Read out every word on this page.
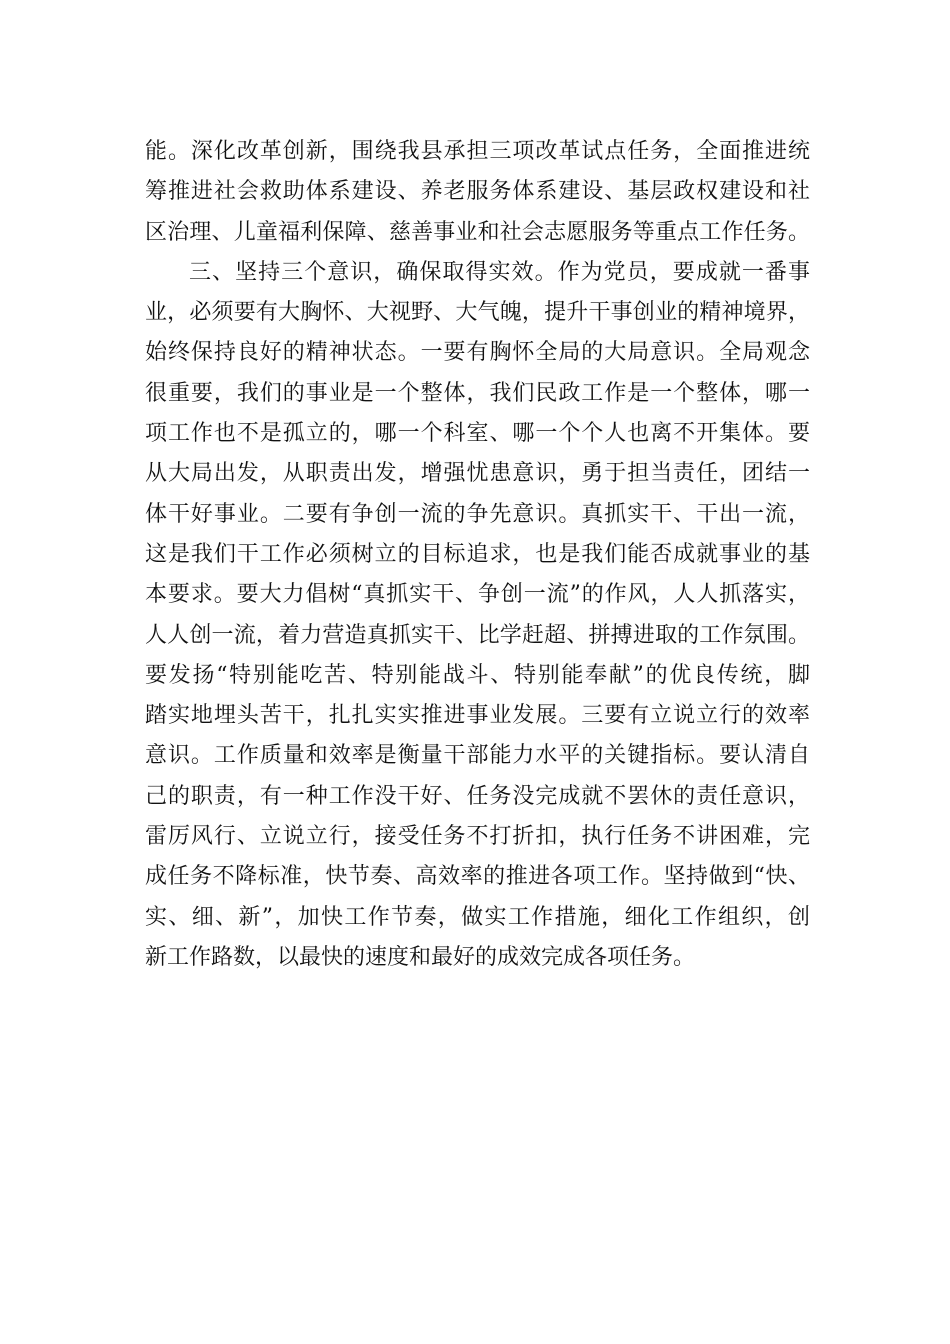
能。深化改革创新，围绕我县承担三项改革试点任务，全面推进统
筹推进社会救助体系建设、养老服务体系建设、基层政权建设和社
区治理、儿童福利保障、慈善事业和社会志愿服务等重点工作任务。
三、坚持三个意识，确保取得实效。作为党员，要成就一番事
业，必须要有大胸怀、大视野、大气魄，提升干事创业的精神境界，
始终保持良好的精神状态。一要有胸怀全局的大局意识。全局观念
很重要，我们的事业是一个整体，我们民政工作是一个整体，哪一
项工作也不是孤立的，哪一个科室、哪一个个人也离不开集体。要
从大局出发，从职责出发，增强忧患意识，勇于担当责任，团结一
体干好事业。二要有争创一流的争先意识。真抓实干、干出一流，
这是我们干工作必须树立的目标追求，也是我们能否成就事业的基
本要求。要大力倡树“真抓实干、争创一流”的作风，人人抓落实，
人人创一流，着力营造真抓实干、比学赶超、拼搏进取的工作氛围。
要发扬“特别能吃苦、特别能战斗、特别能奉献”的优良传统，脚
踏实地埋头苦干，扎扎实实推进事业发展。三要有立说立行的效率
意识。工作质量和效率是衡量干部能力水平的关键指标。要认清自
己的职责，有一种工作没干好、任务没完成就不罢休的责任意识，
雷厉风行、立说立行，接受任务不打折扣，执行任务不讲困难，完
成任务不降标准，快节奏、高效率的推进各项工作。坚持做到“快、
实、细、新”，加快工作节奏，做实工作措施，细化工作组织，创
新工作路数，以最快的速度和最好的成效完成各项任务。
